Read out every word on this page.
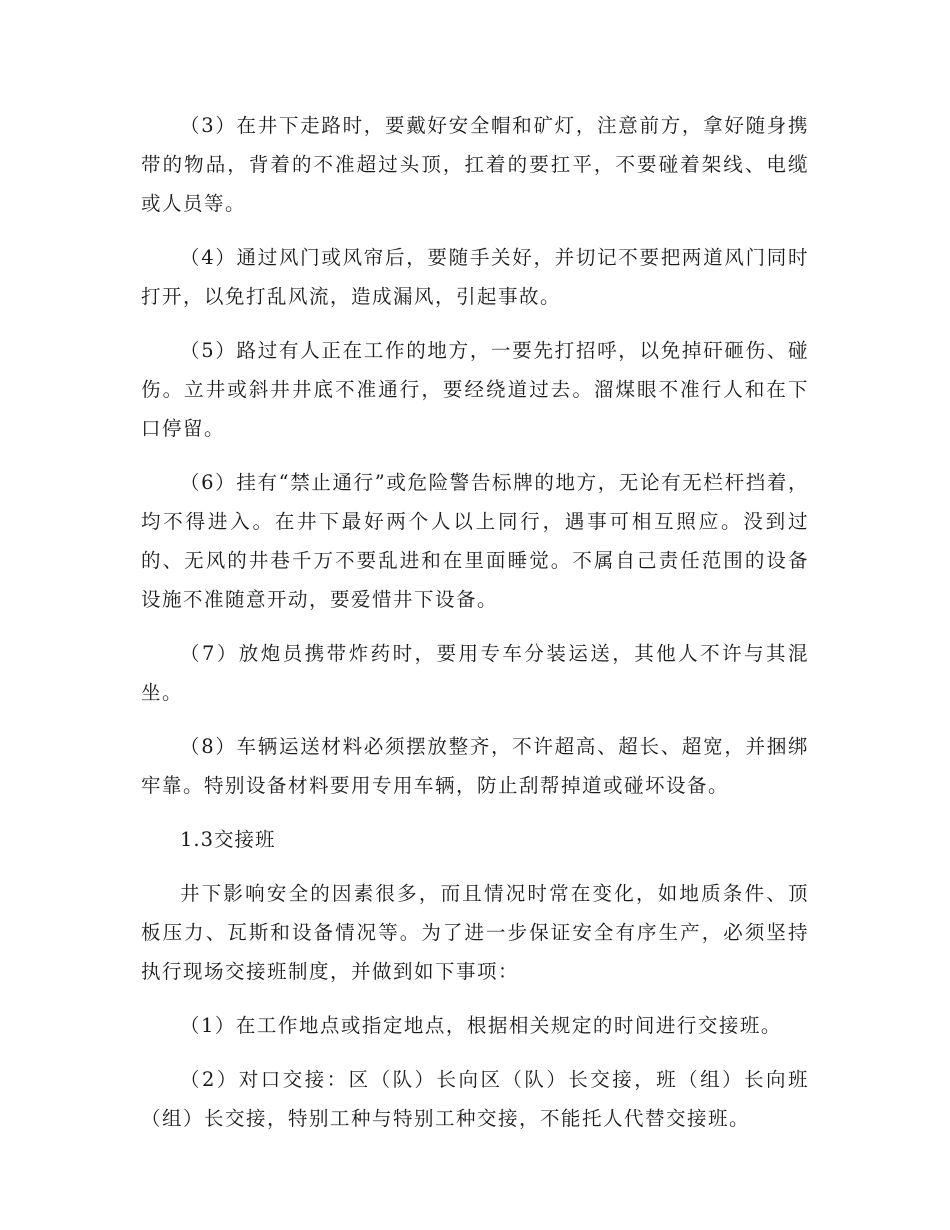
（3）在井下走路时，要戴好安全帽和矿灯，注意前方，拿好随身携带的物品，背着的不准超过头顶，扛着的要扛平，不要碰着架线、电缆或人员等。

（4）通过风门或风帘后，要随手关好，并切记不要把两道风门同时打开，以免打乱风流，造成漏风，引起事故。

（5）路过有人正在工作的地方，一要先打招呼，以免掉矸砸伤、碰伤。立井或斜井井底不准通行，要经绕道过去。溜煤眼不准行人和在下口停留。

（6）挂有“禁止通行”或危险警告标牌的地方，无论有无栏杆挡着，均不得进入。在井下最好两个人以上同行，遇事可相互照应。没到过的、无风的井巷千万不要乱进和在里面睡觉。不属自己责任范围的设备设施不准随意开动，要爱惜井下设备。

（7）放炮员携带炸药时，要用专车分装运送，其他人不许与其混坐。

（8）车辆运送材料必须摆放整齐，不许超高、超长、超宽，并捆绑牢靠。特别设备材料要用专用车辆，防止刮帮掉道或碰坏设备。

1.3交接班

井下影响安全的因素很多，而且情况时常在变化，如地质条件、顶板压力、瓦斯和设备情况等。为了进一步保证安全有序生产，必须坚持执行现场交接班制度，并做到如下事项：

（1）在工作地点或指定地点，根据相关规定的时间进行交接班。

（2）对口交接：区（队）长向区（队）长交接，班（组）长向班（组）长交接，特别工种与特别工种交接，不能托人代替交接班。
